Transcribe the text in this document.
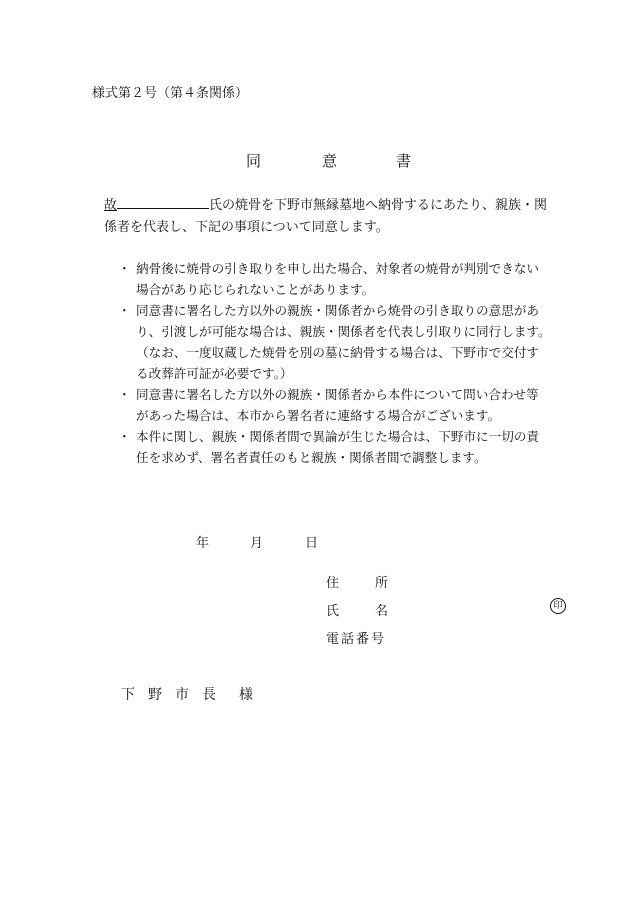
様式第２号（第４条関係）
同	意	書
故	氏の焼骨を下野市無縁墓地へ納骨するにあたり、親族・関
係者を代表し、下記の事項について同意します。
・ 納骨後に焼骨の引き取りを申し出た場合、対象者の焼骨が判別できない
場合があり応じられないことがあります。
・ 同意書に署名した方以外の親族・関係者から焼骨の引き取りの意思があ
り、引渡しが可能な場合は、親族・関係者を代表し引取りに同行します。
（なお、一度収蔵した焼骨を別の墓に納骨する場合は、下野市で交付す
る改葬許可証が必要です。）
・ 同意書に署名した方以外の親族・関係者から本件について問い合わせ等
があった場合は、本市から署名者に連絡する場合がございます。
・ 本件に関し、親族・関係者間で異論が生じた場合は、下野市に一切の責
任を求めず、署名者責任のもと親族・関係者間で調整します。
年	月	日
住	所
氏	名	印
電 話 番 号
下 野 市 長 様
